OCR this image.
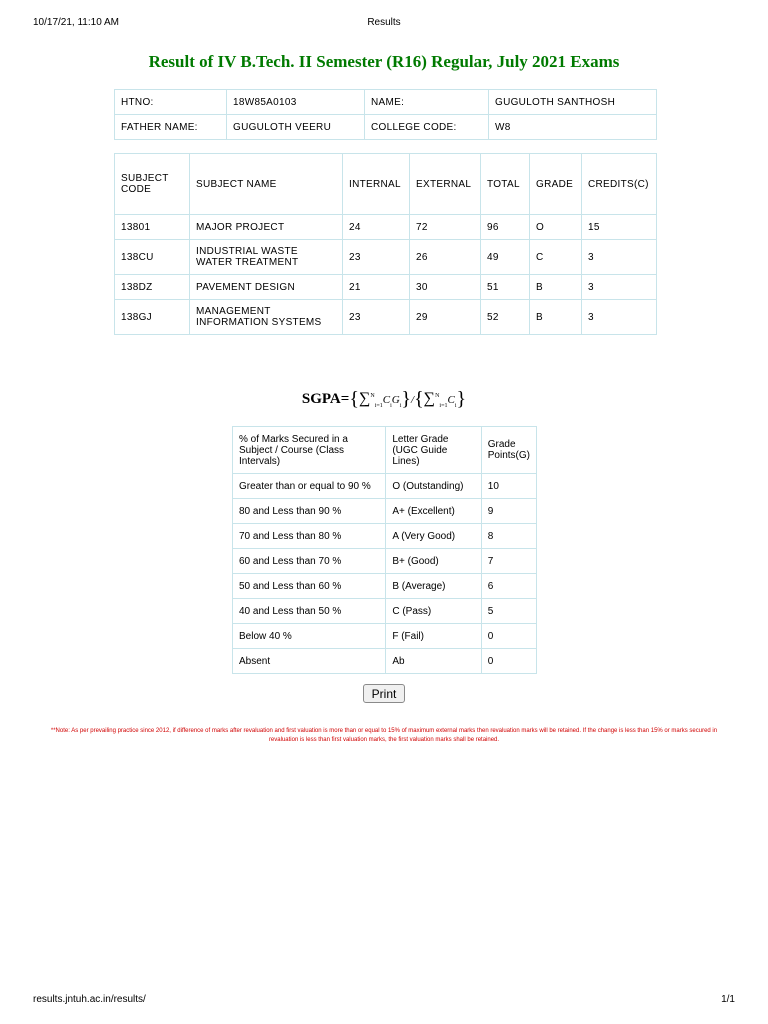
10/17/21, 11:10 AM	Results
Result of IV B.Tech. II Semester (R16) Regular, July 2021 Exams
HTNO:	18W85A0103	NAME:	GUGULOTH SANTHOSH
FATHER NAME:	GUGULOTH VEERU	COLLEGE CODE:	W8
SUBJECT CODE	SUBJECT NAME	INTERNAL	EXTERNAL	TOTAL	GRADE	CREDITS(C)
13801	MAJOR PROJECT	24	72	96	O	15
138CU	INDUSTRIAL WASTE WATER TREATMENT	23	26	49	C	3
138DZ	PAVEMENT DESIGN	21	30	51	B	3
138GJ	MANAGEMENT INFORMATION SYSTEMS	23	29	52	B	3
$SGPA=\{\sum^N_{i=1}C_iG_i\}/\{\sum^N_{i=1}C_i\}$
% of Marks Secured in a Subject / Course (Class Intervals)	Letter Grade (UGC Guide Lines)	Grade Points(G)
Greater than or equal to 90 %	O (Outstanding)	10
80 and Less than 90 %	A+ (Excellent)	9
70 and Less than 80 %	A (Very Good)	8
60 and Less than 70 %	B+ (Good)	7
50 and Less than 60 %	B (Average)	6
40 and Less than 50 %	C (Pass)	5
Below 40 %	F (Fail)	0
Absent	Ab	0
Print
**Note: As per prevailing practice since 2012, if difference of marks after revaluation and first valuation is more than or equal to 15% of maximum external marks then revaluation marks will be retained. If the change is less than 15% or marks secured in revaluation is less than first valuation marks, the first valuation marks shall be retained.
results.jntuh.ac.in/results/	1/1
